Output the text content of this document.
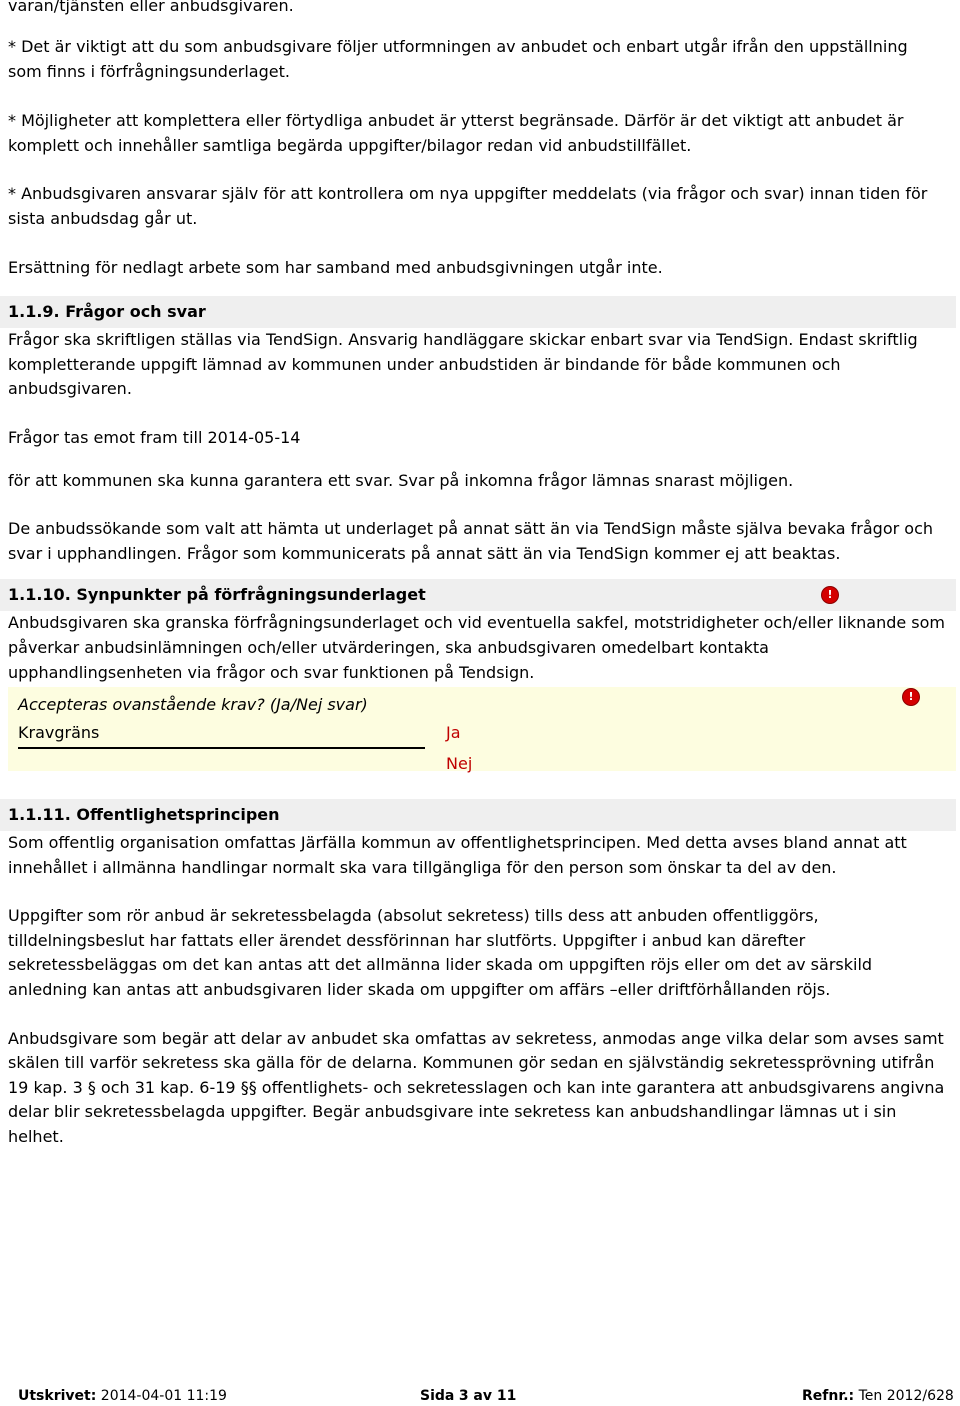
varan/tjänsten eller anbudsgivaren.

* Det är viktigt att du som anbudsgivare följer utformningen av anbudet och enbart utgår ifrån den uppställning som finns i förfrågningsunderlaget.

* Möjligheter att komplettera eller förtydliga anbudet är ytterst begränsade. Därför är det viktigt att anbudet är komplett och innehåller samtliga begärda uppgifter/bilagor redan vid anbudstillfället.

* Anbudsgivaren ansvarar själv för att kontrollera om nya uppgifter meddelats (via frågor och svar) innan tiden för sista anbudsdag går ut.

Ersättning för nedlagt arbete som har samband med anbudsgivningen utgår inte.

1.1.9. Frågor och svar

Frågor ska skriftligen ställas via TendSign. Ansvarig handläggare skickar enbart svar via TendSign. Endast skriftlig kompletterande uppgift lämnad av kommunen under anbudstiden är bindande för både kommunen och anbudsgivaren.

Frågor tas emot fram till 2014-05-14

för att kommunen ska kunna garantera ett svar. Svar på inkomna frågor lämnas snarast möjligen.

De anbudssökande som valt att hämta ut underlaget på annat sätt än via TendSign måste själva bevaka frågor och svar i upphandlingen. Frågor som kommunicerats på annat sätt än via TendSign kommer ej att beaktas.

1.1.10. Synpunkter på förfrågningsunderlaget	!

Anbudsgivaren ska granska förfrågningsunderlaget och vid eventuella sakfel, motstridigheter och/eller liknande som påverkar anbudsinlämningen och/eller utvärderingen, ska anbudsgivaren omedelbart kontakta upphandlingsenheten via frågor och svar funktionen på Tendsign.

Accepteras ovanstående krav? (Ja/Nej svar)	!
Kravgräns	Ja
Nej
1.1.11. Offentlighetsprincipen

Som offentlig organisation omfattas Järfälla kommun av offentlighetsprincipen. Med detta avses bland annat att innehållet i allmänna handlingar normalt ska vara tillgängliga för den person som önskar ta del av den.

Uppgifter som rör anbud är sekretessbelagda (absolut sekretess) tills dess att anbuden offentliggörs, tilldelningsbeslut har fattats eller ärendet dessförinnan har slutförts. Uppgifter i anbud kan därefter sekretessbeläggas om det kan antas att det allmänna lider skada om uppgiften röjs eller om det av särskild anledning kan antas att anbudsgivaren lider skada om uppgifter om affärs –eller driftförhållanden röjs.

Anbudsgivare som begär att delar av anbudet ska omfattas av sekretess, anmodas ange vilka delar som avses samt skälen till varför sekretess ska gälla för de delarna. Kommunen gör sedan en självständig sekretessprövning utifrån 19 kap. 3 § och 31 kap. 6-19 §§ offentlighets- och sekretesslagen och kan inte garantera att anbudsgivarens angivna delar blir sekretessbelagda uppgifter. Begär anbudsgivare inte sekretess kan anbudshandlingar lämnas ut i sin helhet.

Utskrivet: 2014-04-01 11:19	Sida 3 av 11	Refnr.: Ten 2012/628
